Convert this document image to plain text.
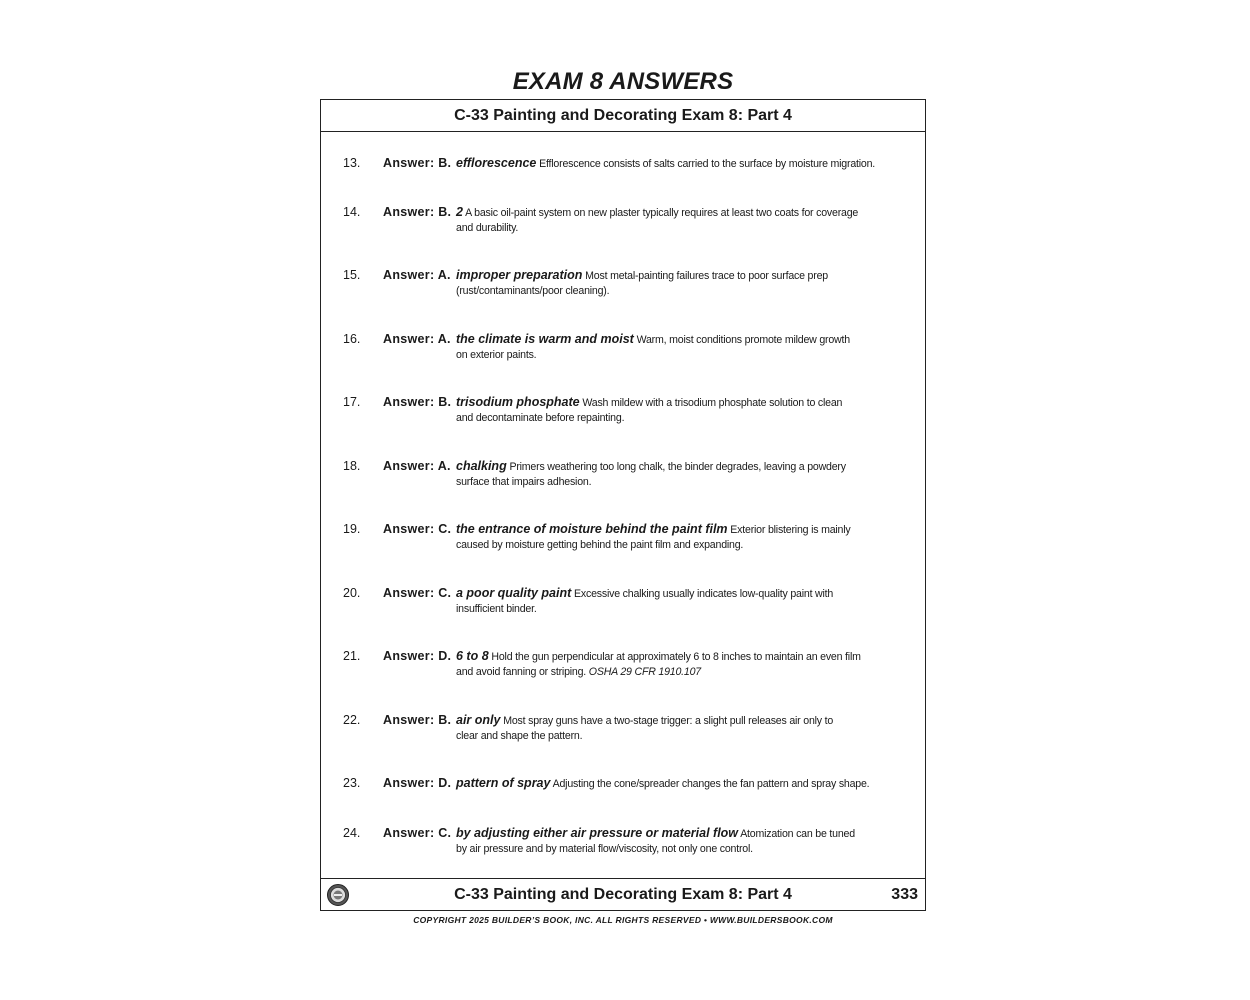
EXAM 8 ANSWERS
C-33 Painting and Decorating Exam 8: Part 4
13. Answer: B. efflorescence Efflorescence consists of salts carried to the surface by moisture migration.
14. Answer: B. 2 A basic oil-paint system on new plaster typically requires at least two coats for coverage and durability.
15. Answer: A. improper preparation Most metal-painting failures trace to poor surface prep (rust/contaminants/poor cleaning).
16. Answer: A. the climate is warm and moist Warm, moist conditions promote mildew growth on exterior paints.
17. Answer: B. trisodium phosphate Wash mildew with a trisodium phosphate solution to clean and decontaminate before repainting.
18. Answer: A. chalking Primers weathering too long chalk, the binder degrades, leaving a powdery surface that impairs adhesion.
19. Answer: C. the entrance of moisture behind the paint film Exterior blistering is mainly caused by moisture getting behind the paint film and expanding.
20. Answer: C. a poor quality paint Excessive chalking usually indicates low-quality paint with insufficient binder.
21. Answer: D. 6 to 8 Hold the gun perpendicular at approximately 6 to 8 inches to maintain an even film and avoid fanning or striping. OSHA 29 CFR 1910.107
22. Answer: B. air only Most spray guns have a two-stage trigger: a slight pull releases air only to clear and shape the pattern.
23. Answer: D. pattern of spray Adjusting the cone/spreader changes the fan pattern and spray shape.
24. Answer: C. by adjusting either air pressure or material flow Atomization can be tuned by air pressure and by material flow/viscosity, not only one control.
C-33 Painting and Decorating Exam 8: Part 4	333
COPYRIGHT 2025 BUILDER’S BOOK, INC. ALL RIGHTS RESERVED • WWW.BUILDERSBOOK.COM
